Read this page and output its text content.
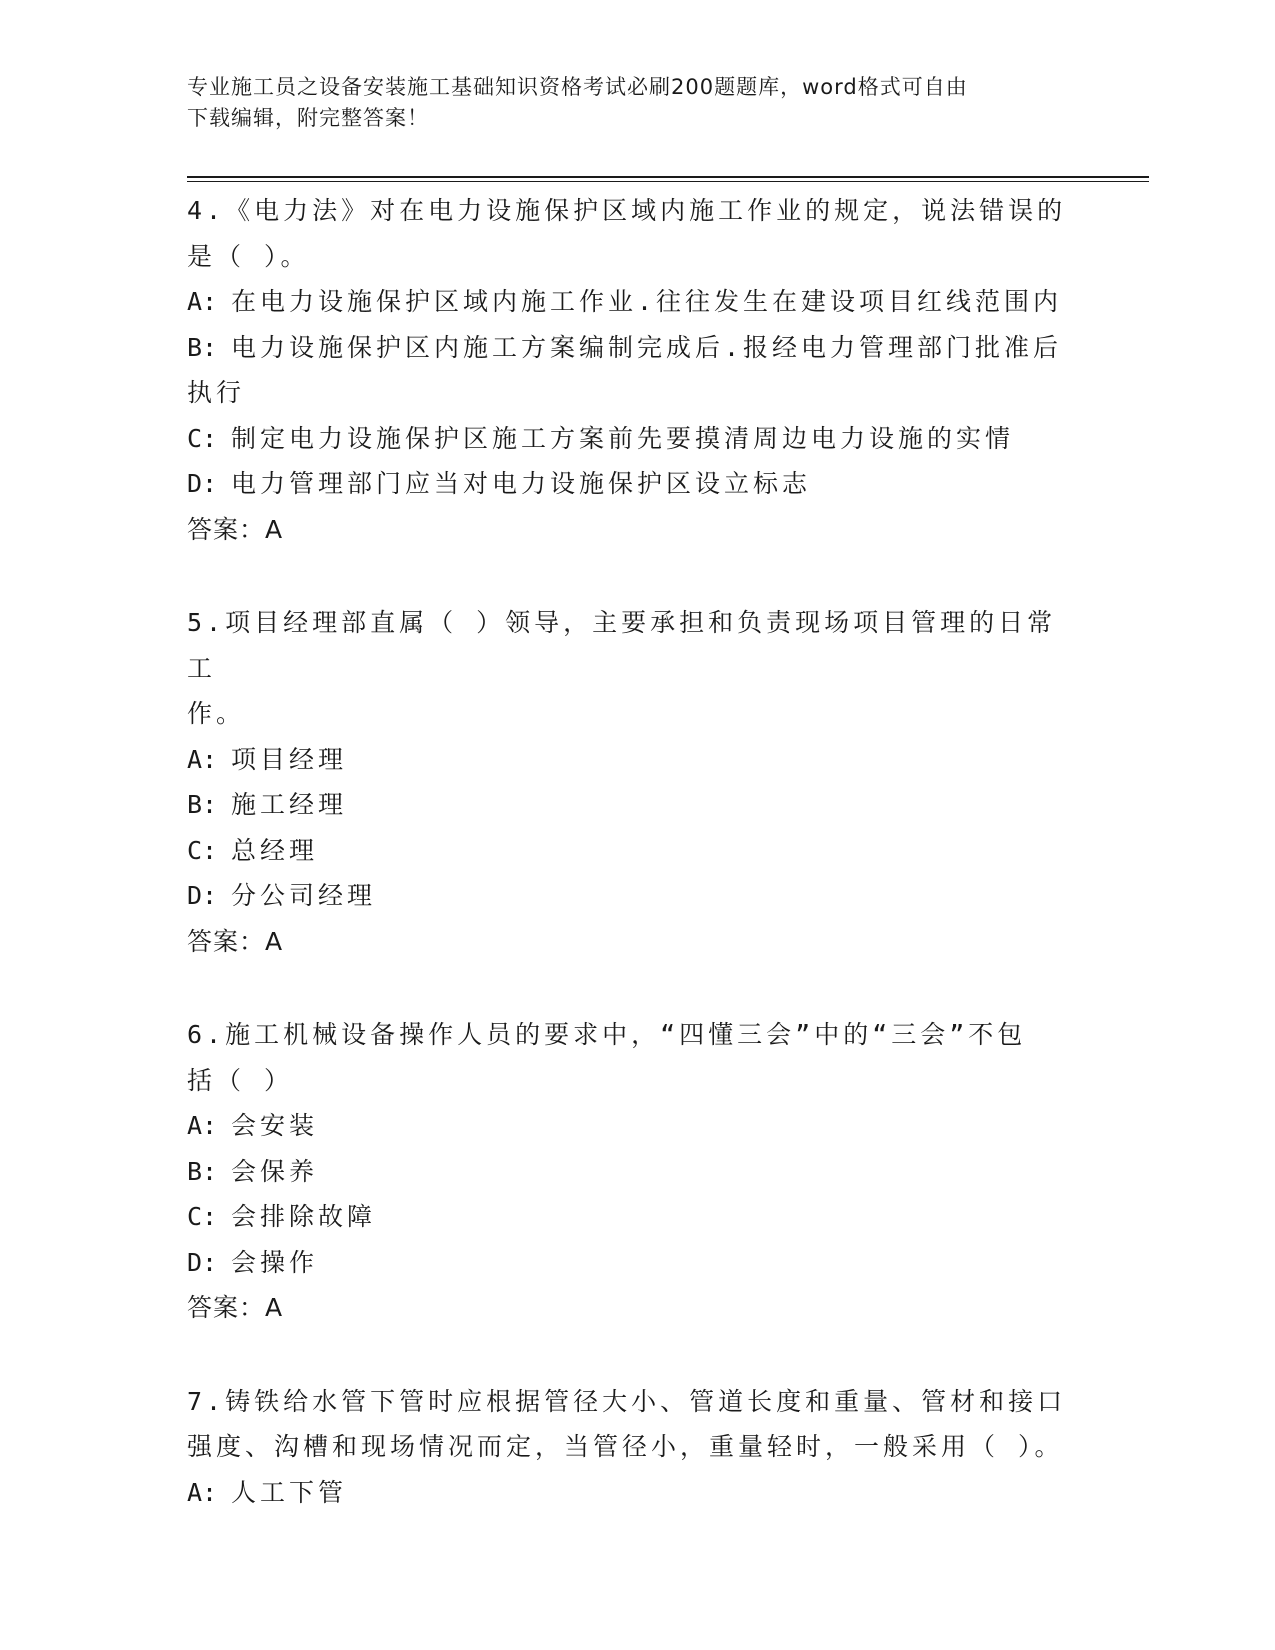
专业施工员之设备安装施工基础知识资格考试必刷200题题库，word格式可自由
下载编辑，附完整答案！
4.《电力法》对在电力设施保护区域内施工作业的规定，说法错误的
是（ ）。
A: 在电力设施保护区域内施工作业.往往发生在建设项目红线范围内
B: 电力设施保护区内施工方案编制完成后.报经电力管理部门批准后
执行
C: 制定电力设施保护区施工方案前先要摸清周边电力设施的实情
D: 电力管理部门应当对电力设施保护区设立标志
答案：A
5.项目经理部直属（ ）领导，主要承担和负责现场项目管理的日常工
作。
A: 项目经理
B: 施工经理
C: 总经理
D: 分公司经理
答案：A
6.施工机械设备操作人员的要求中，“四懂三会”中的“三会”不包
括（ ）
A: 会安装
B: 会保养
C: 会排除故障
D: 会操作
答案：A
7.铸铁给水管下管时应根据管径大小、管道长度和重量、管材和接口
强度、沟槽和现场情况而定，当管径小，重量轻时，一般采用（ ）。
A: 人工下管
